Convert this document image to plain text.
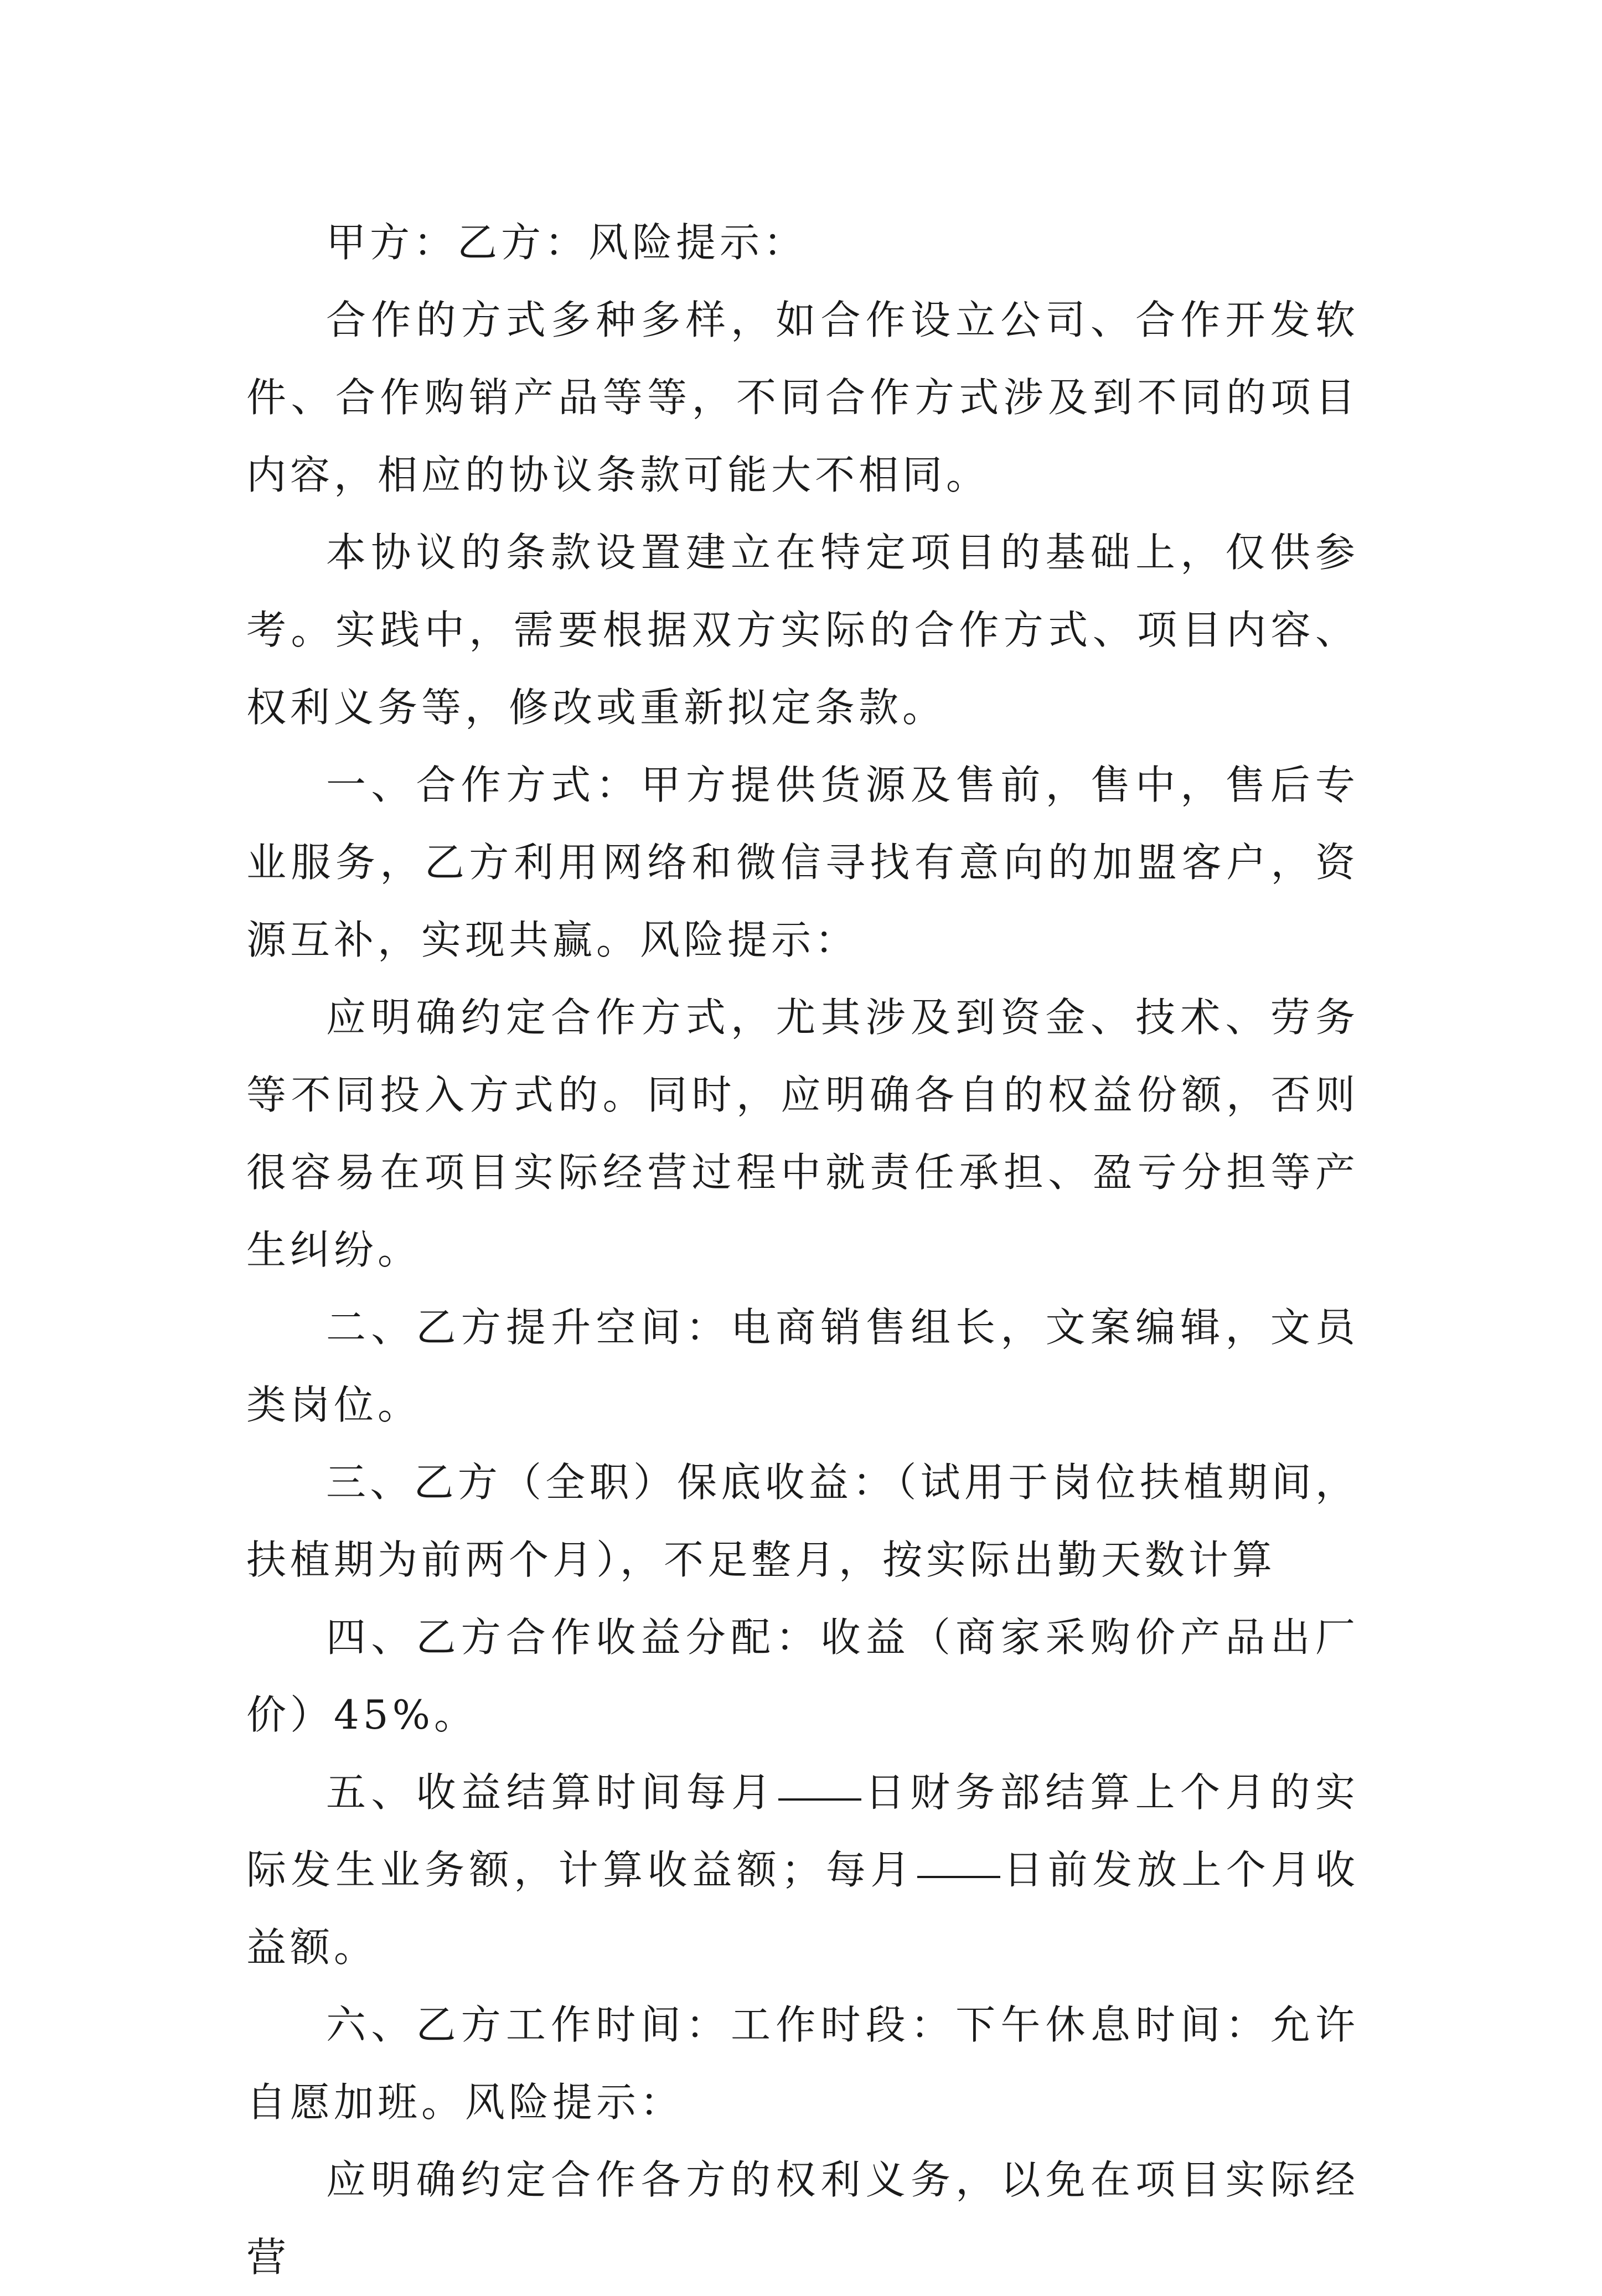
甲方：乙方：风险提示：

合作的方式多种多样，如合作设立公司、合作开发软件、合作购销产品等等，不同合作方式涉及到不同的项目内容，相应的协议条款可能大不相同。

本协议的条款设置建立在特定项目的基础上，仅供参考。实践中，需要根据双方实际的合作方式、项目内容、权利义务等，修改或重新拟定条款。

一、合作方式：甲方提供货源及售前，售中，售后专业服务，乙方利用网络和微信寻找有意向的加盟客户，资源互补，实现共赢。风险提示：

应明确约定合作方式，尤其涉及到资金、技术、劳务等不同投入方式的。同时，应明确各自的权益份额，否则很容易在项目实际经营过程中就责任承担、盈亏分担等产生纠纷。

二、乙方提升空间：电商销售组长，文案编辑，文员类岗位。

三、乙方（全职）保底收益：（试用于岗位扶植期间，扶植期为前两个月），不足整月，按实际出勤天数计算

四、乙方合作收益分配：收益（商家采购价产品出厂价）45%。

五、收益结算时间每月 日财务部结算上个月的实际发生业务额，计算收益额；每月 日前发放上个月收益额。

六、乙方工作时间：工作时段：下午休息时间：允许自愿加班。风险提示：

应明确约定合作各方的权利义务，以免在项目实际经营
